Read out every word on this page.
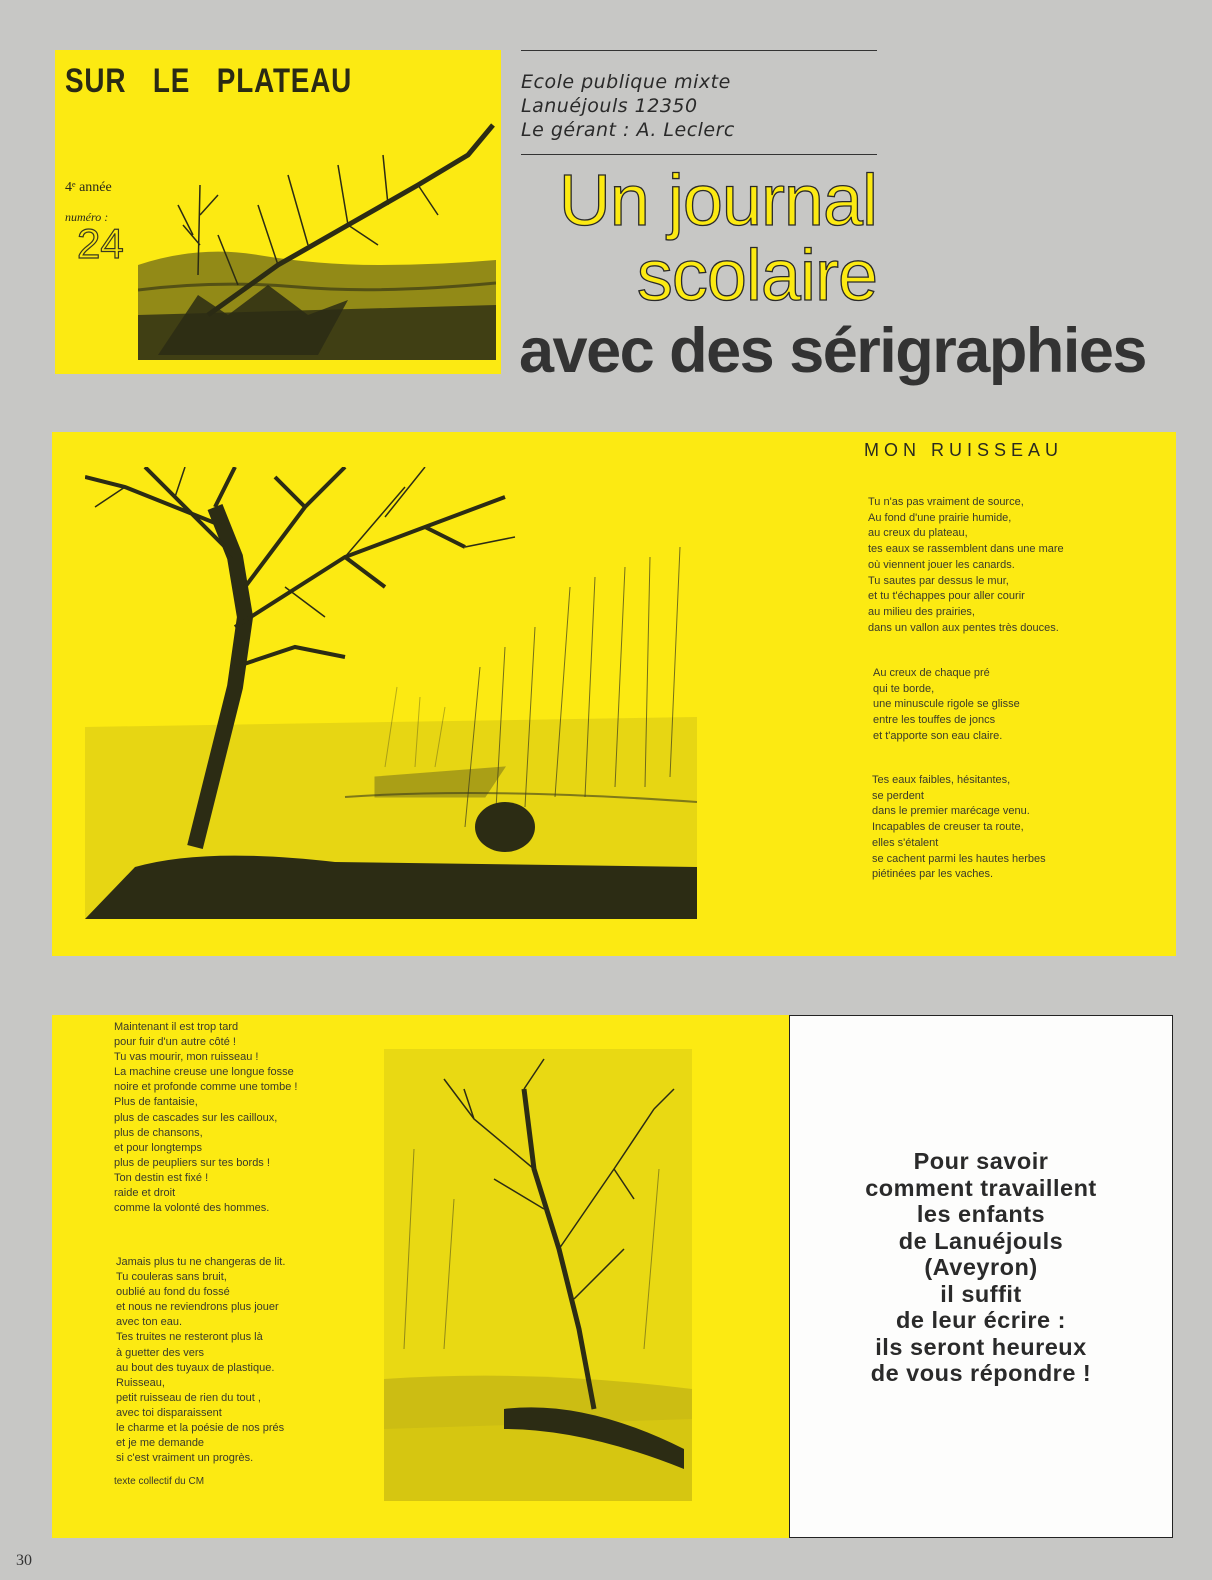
SUR LE PLATEAU
4ᵉ année
numéro :
24
Ecole publique mixte
Lanuéjouls 12350
Le gérant : A. Leclerc
Un journal
scolaire
avec des sérigraphies
MON RUISSEAU
Tu n'as pas vraiment de source,
Au fond d'une prairie humide,
au creux du plateau,
tes eaux se rassemblent dans une mare
où viennent jouer les canards.
Tu sautes par dessus le mur,
et tu t'échappes pour aller courir
au milieu des prairies,
dans un vallon aux pentes très douces.
Au creux de chaque pré
qui te borde,
une minuscule rigole se glisse
entre les touffes de joncs
et t'apporte son eau claire.
Tes eaux faibles, hésitantes,
se perdent
dans le premier marécage venu.
Incapables de creuser ta route,
elles s'étalent
se cachent parmi les hautes herbes
piétinées par les vaches.
Maintenant il est trop tard
pour fuir d'un autre côté !
Tu vas mourir, mon ruisseau !
La machine creuse une longue fosse
noire et profonde comme une tombe !
Plus de fantaisie,
plus de cascades sur les cailloux,
plus de chansons,
et pour longtemps
plus de peupliers sur tes bords !
Ton destin est fixé !
raide et droit
comme la volonté des hommes.
Jamais plus tu ne changeras de lit.
Tu couleras sans bruit,
oublié au fond du fossé
et nous ne reviendrons plus jouer
avec ton eau.
Tes truites ne resteront plus là
à guetter des vers
au bout des tuyaux de plastique.
Ruisseau,
petit ruisseau de rien du tout ,
avec toi disparaissent
le charme et la poésie de nos prés
et je me demande
si c'est vraiment un progrès.
texte collectif du CM
Pour savoir
comment travaillent
les enfants
de Lanuéjouls
(Aveyron)
il suffit
de leur écrire :
ils seront heureux
de vous répondre !
30
